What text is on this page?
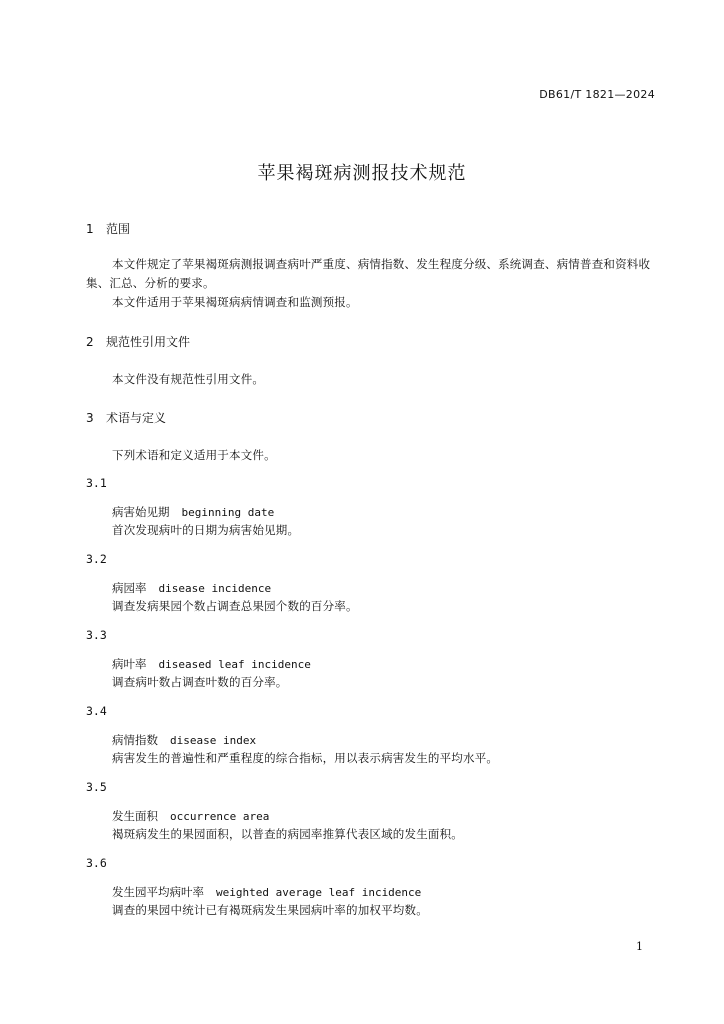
DB61/T 1821—2024
苹果褐斑病测报技术规范
1 范围
本文件规定了苹果褐斑病测报调查病叶严重度、病情指数、发生程度分级、系统调查、病情普查和资料收集、汇总、分析的要求。
本文件适用于苹果褐斑病病情调查和监测预报。
2 规范性引用文件
本文件没有规范性引用文件。
3 术语与定义
下列术语和定义适用于本文件。
3.1
病害始见期 beginning date
首次发现病叶的日期为病害始见期。
3.2
病园率 disease incidence
调查发病果园个数占调查总果园个数的百分率。
3.3
病叶率 diseased leaf incidence
调查病叶数占调查叶数的百分率。
3.4
病情指数 disease index
病害发生的普遍性和严重程度的综合指标，用以表示病害发生的平均水平。
3.5
发生面积 occurrence area
褐斑病发生的果园面积，以普查的病园率推算代表区域的发生面积。
3.6
发生园平均病叶率 weighted average leaf incidence
调查的果园中统计已有褐斑病发生果园病叶率的加权平均数。
1
